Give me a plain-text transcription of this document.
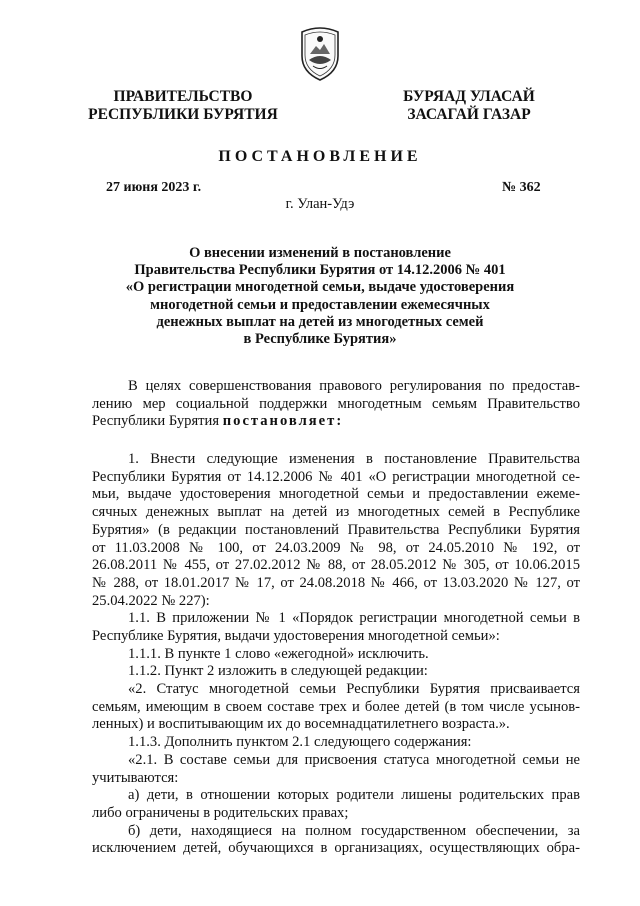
ПРАВИТЕЛЬСТВО
РЕСПУБЛИКИ БУРЯТИЯ
БУРЯАД УЛАСАЙ
ЗАСАГАЙ ГАЗАР
ПОСТАНОВЛЕНИЕ
27 июня 2023 г.	№ 362
г. Улан-Удэ
О внесении изменений в постановление
Правительства Республики Бурятия от 14.12.2006 № 401
«О регистрации многодетной семьи, выдаче удостоверения
многодетной семьи и предоставлении ежемесячных
денежных выплат на детей из многодетных семей
в Республике Бурятия»
В целях совершенствования правового регулирования по предостав-
лению мер социальной поддержки многодетным семьям Правительство
Республики Бурятия постановляет:
1. Внести следующие изменения в постановление Правительства
Республики Бурятия от 14.12.2006 № 401 «О регистрации многодетной се-
мьи, выдаче удостоверения многодетной семьи и предоставлении ежеме-
сячных денежных выплат на детей из многодетных семей в Республике
Бурятия» (в редакции постановлений Правительства Республики Бурятия
от 11.03.2008 № 100, от 24.03.2009 № 98, от 24.05.2010 № 192, от
26.08.2011 № 455, от 27.02.2012 № 88, от 28.05.2012 № 305, от 10.06.2015
№ 288, от 18.01.2017 № 17, от 24.08.2018 № 466, от 13.03.2020 № 127, от
25.04.2022 № 227):
1.1. В приложении № 1 «Порядок регистрации многодетной семьи в
Республике Бурятия, выдачи удостоверения многодетной семьи»:
1.1.1. В пункте 1 слово «ежегодной» исключить.
1.1.2. Пункт 2 изложить в следующей редакции:
«2. Статус многодетной семьи Республики Бурятия присваивается
семьям, имеющим в своем составе трех и более детей (в том числе усынов-
ленных) и воспитывающим их до восемнадцатилетнего возраста.».
1.1.3. Дополнить пунктом 2.1 следующего содержания:
«2.1. В составе семьи для присвоения статуса многодетной семьи не
учитываются:
а) дети, в отношении которых родители лишены родительских прав
либо ограничены в родительских правах;
б) дети, находящиеся на полном государственном обеспечении, за
исключением детей, обучающихся в организациях, осуществляющих обра-
